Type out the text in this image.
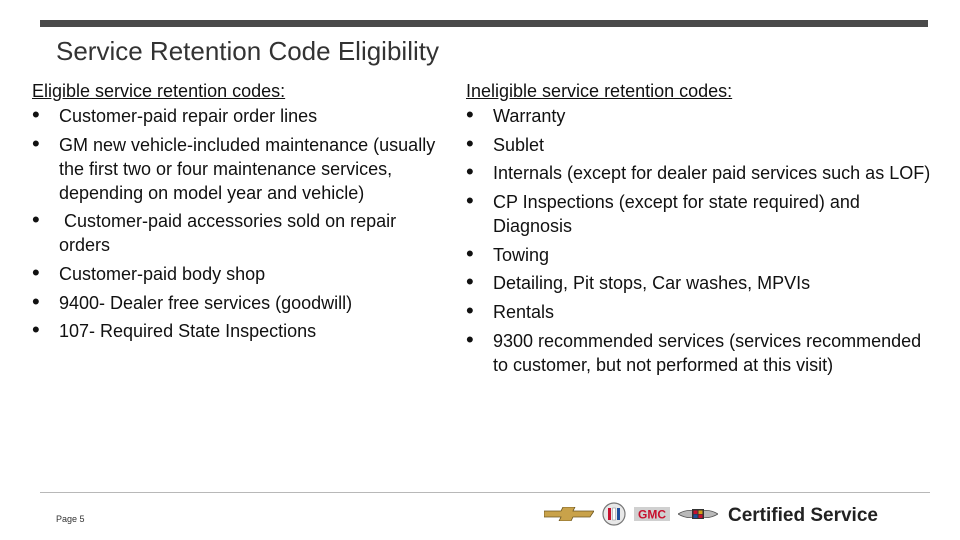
Service Retention Code Eligibility
Eligible service retention codes:
• Customer-paid repair order lines
• GM new vehicle-included maintenance (usually the first two or four maintenance services, depending on model year and vehicle)
• Customer-paid accessories sold on repair orders
• Customer-paid body shop
• 9400- Dealer free services (goodwill)
• 107- Required State Inspections
Ineligible service retention codes:
• Warranty
• Sublet
• Internals (except for dealer paid services such as LOF)
• CP Inspections (except for state required) and Diagnosis
• Towing
• Detailing, Pit stops, Car washes, MPVIs
• Rentals
• 9300 recommended services (services recommended to customer, but not performed at this visit)
Page 5	GMC	Certified Service
